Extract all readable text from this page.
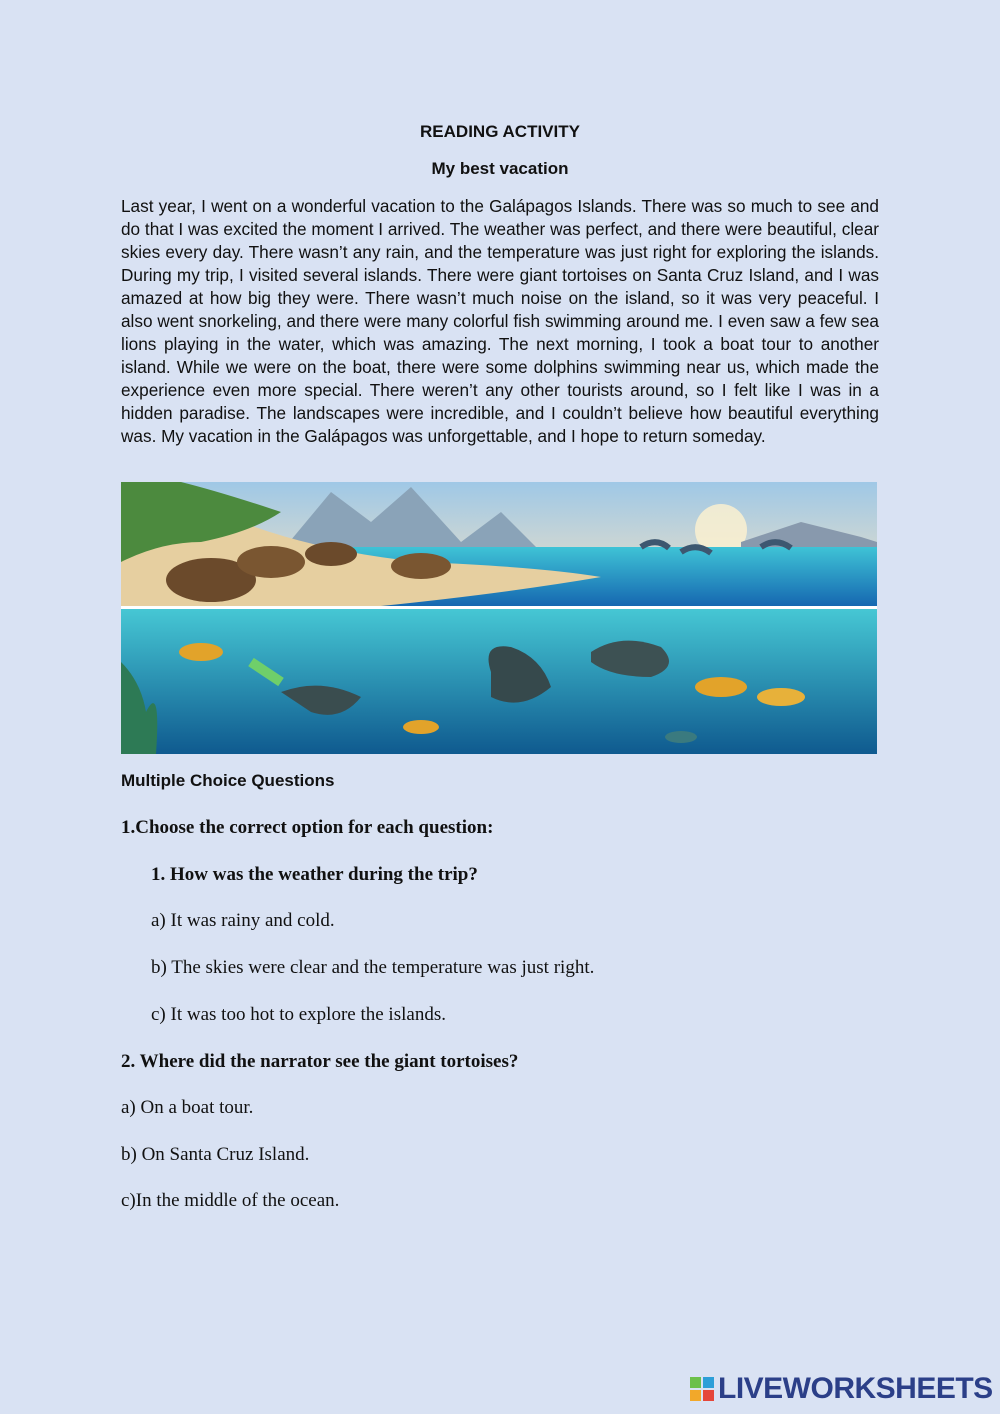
READING ACTIVITY
My best vacation

Last year, I went on a wonderful vacation to the Galápagos Islands. There was so much to see and do that I was excited the moment I arrived. The weather was perfect, and there were beautiful, clear skies every day. There wasn’t any rain, and the temperature was just right for exploring the islands. During my trip, I visited several islands. There were giant tortoises on Santa Cruz Island, and I was amazed at how big they were. There wasn’t much noise on the island, so it was very peaceful. I also went snorkeling, and there were many colorful fish swimming around me. I even saw a few sea lions playing in the water, which was amazing. The next morning, I took a boat tour to another island. While we were on the boat, there were some dolphins swimming near us, which made the experience even more special. There weren’t any other tourists around, so I felt like I was in a hidden paradise. The landscapes were incredible, and I couldn’t believe how beautiful everything was. My vacation in the Galápagos was unforgettable, and I hope to return someday.

Multiple Choice Questions
1.Choose the correct option for each question:
1. How was the weather during the trip?
a) It was rainy and cold.
b) The skies were clear and the temperature was just right.
c) It was too hot to explore the islands.
2. Where did the narrator see the giant tortoises?
a) On a boat tour.
b) On Santa Cruz Island.
c)In the middle of the ocean.
LIVEWORKSHEETS
